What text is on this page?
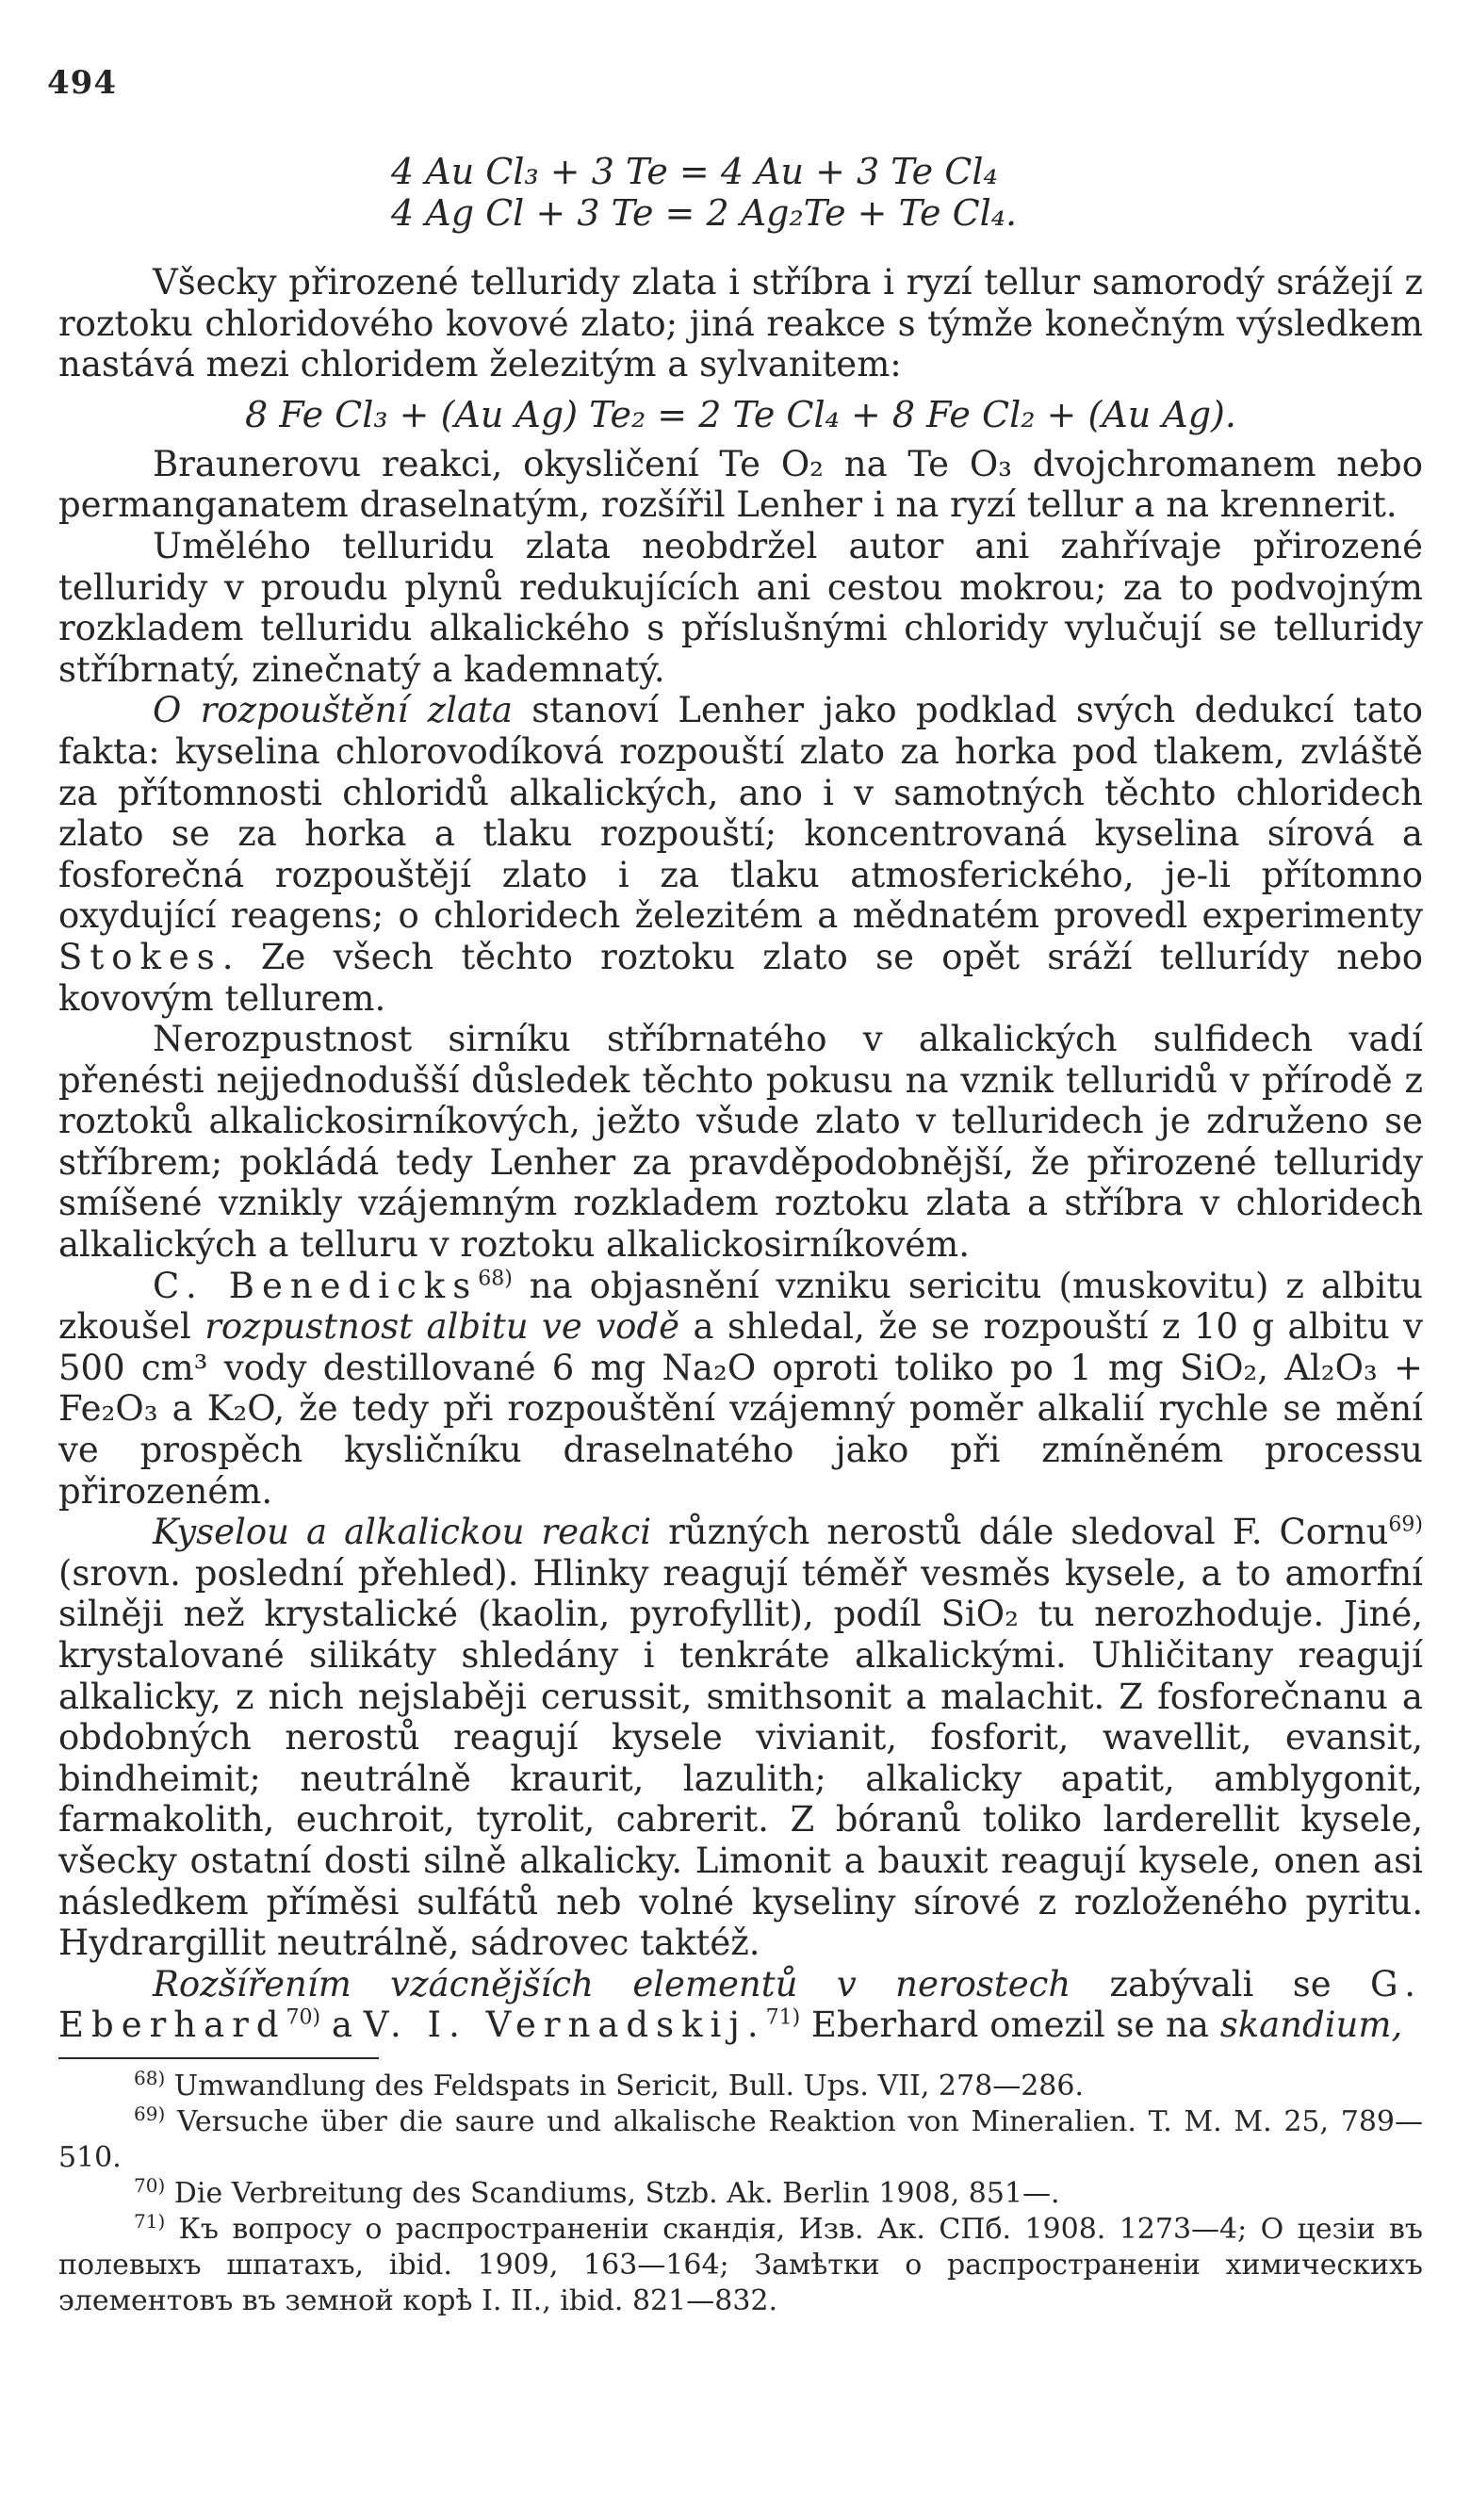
494
4 Au Cl₃ + 3 Te = 4 Au + 3 Te Cl₄
4 Ag Cl + 3 Te = 2 Ag₂Te + Te Cl₄.

Všecky přirozené telluridy zlata i stříbra i ryzí tellur samorodý srážejí z roztoku chloridového kovové zlato; jiná reakce s týmže konečným výsledkem nastává mezi chloridem železitým a sylvanitem:

8 Fe Cl₃ + (Au Ag) Te₂ = 2 Te Cl₄ + 8 Fe Cl₂ + (Au Ag).

Braunerovu reakci, okysličení Te O₂ na Te O₃ dvojchromanem nebo permanganatem draselnatým, rozšířil Lenher i na ryzí tellur a na krennerit.

Umělého telluridu zlata neobdržel autor ani zahřívaje přirozené telluridy v proudu plynů redukujících ani cestou mokrou; za to podvojným rozkladem telluridu alkalického s příslušnými chloridy vylučují se telluridy stříbrnatý, zinečnatý a kademnatý.

O rozpouštění zlata stanoví Lenher jako podklad svých dedukcí tato fakta: kyselina chlorovodíková rozpouští zlato za horka pod tlakem, zvláště za přítomnosti chloridů alkalických, ano i v samotných těchto chloridech zlato se za horka a tlaku rozpouští; koncentrovaná kyselina sírová a fosforečná rozpouštějí zlato i za tlaku atmosferického, je-li přítomno oxydující reagens; o chloridech železitém a mědnatém provedl experimenty Stokes. Ze všech těchto roztoku zlato se opět sráží tellurídy nebo kovovým tellurem.

Nerozpustnost sirníku stříbrnatého v alkalických sulfidech vadí přenésti nejjednodušší důsledek těchto pokusu na vznik telluridů v přírodě z roztoků alkalickosirníkových, ježto všude zlato v telluridech je združeno se stříbrem; pokládá tedy Lenher za pravděpodobnější, že přirozené telluridy smíšené vznikly vzájemným rozkladem roztoku zlata a stříbra v chloridech alkalických a telluru v roztoku alkalickosirníkovém.

C. Benedicks$^{68)}$ na objasnění vzniku sericitu (muskovitu) z albitu zkoušel rozpustnost albitu ve vodě a shledal, že se rozpouští z 10 g albitu v 500 cm³ vody destillované 6 mg Na₂O oproti toliko po 1 mg SiO₂, Al₂O₃ + Fe₂O₃ a K₂O, že tedy při rozpouštění vzájemný poměr alkalií rychle se mění ve prospěch kysličníku draselnatého jako při zmíněném processu přirozeném.

Kyselou a alkalickou reakci různých nerostů dále sledoval F. Cornu$^{69)}$ (srovn. poslední přehled). Hlinky reagují téměř vesměs kysele, a to amorfní silněji než krystalické (kaolin, pyrofyllit), podíl SiO₂ tu nerozhoduje. Jiné, krystalované silikáty shledány i tenkráte alkalickými. Uhličitany reagují alkalicky, z nich nejslaběji cerussit, smithsonit a malachit. Z fosforečnanu a obdobných nerostů reagují kysele vivianit, fosforit, wavellit, evansit, bindheimit; neutrálně kraurit, lazulith; alkalicky apatit, amblygonit, farmakolith, euchroit, tyrolit, cabrerit. Z bóranů toliko larderellit kysele, všecky ostatní dosti silně alkalicky. Limonit a bauxit reagují kysele, onen asi následkem příměsi sulfátů neb volné kyseliny sírové z rozloženého pyritu. Hydrargillit neutrálně, sádrovec taktéž.

Rozšířením vzácnějších elementů v nerostech zabývali se G. Eberhard$^{70)}$ a V. I. Vernadskij.$^{71)}$ Eberhard omezil se na skandium,

$^{68)}$ Umwandlung des Feldspats in Sericit, Bull. Ups. VII, 278—286.

$^{69)}$ Versuche über die saure und alkalische Reaktion von Mineralien. T. M. M. 25, 789—510.

$^{70)}$ Die Verbreitung des Scandiums, Stzb. Ak. Berlin 1908, 851—.

$^{71)}$ Къ вопросу о распространенiи скандiя, Изв. Ак. СПб. 1908. 1273—4; О цезiи въ полевыхъ шпатахъ, ibid. 1909, 163—164; Замѣтки о распространенiи химическихъ элементовъ въ земной корѣ I. II., ibid. 821—832.
